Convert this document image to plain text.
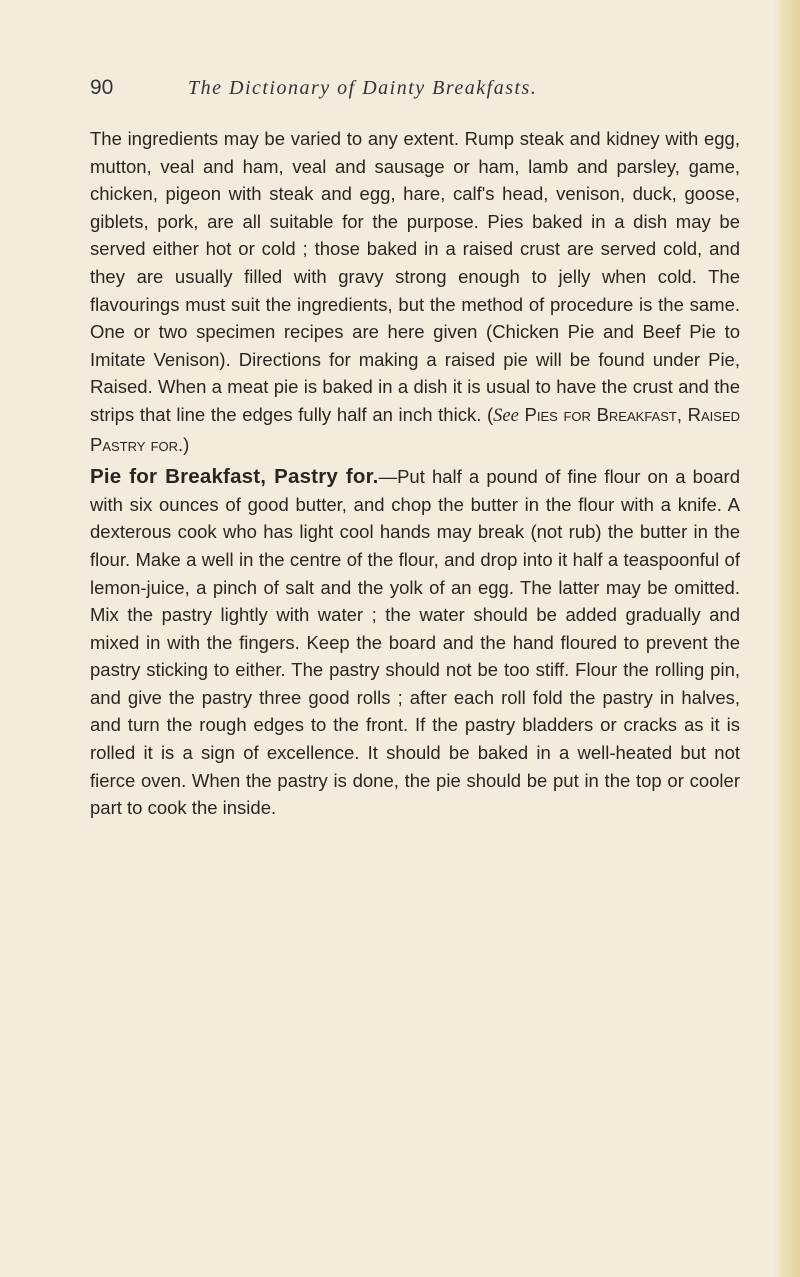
90	The Dictionary of Dainty Breakfasts.

The ingredients may be varied to any extent. Rump steak and kidney with egg, mutton, veal and ham, veal and sausage or ham, lamb and parsley, game, chicken, pigeon with steak and egg, hare, calf's head, venison, duck, goose, giblets, pork, are all suitable for the purpose. Pies baked in a dish may be served either hot or cold ; those baked in a raised crust are served cold, and they are usually filled with gravy strong enough to jelly when cold. The flavourings must suit the ingredients, but the method of procedure is the same. One or two specimen recipes are here given (Chicken Pie and Beef Pie to Imitate Venison). Directions for making a raised pie will be found under Pie, Raised. When a meat pie is baked in a dish it is usual to have the crust and the strips that line the edges fully half an inch thick. (See Pies for Breakfast, Raised Pastry for.)

Pie for Breakfast, Pastry for.—Put half a pound of fine flour on a board with six ounces of good butter, and chop the butter in the flour with a knife. A dexterous cook who has light cool hands may break (not rub) the butter in the flour. Make a well in the centre of the flour, and drop into it half a teaspoonful of lemon-juice, a pinch of salt and the yolk of an egg. The latter may be omitted. Mix the pastry lightly with water ; the water should be added gradually and mixed in with the fingers. Keep the board and the hand floured to prevent the pastry sticking to either. The pastry should not be too stiff. Flour the rolling pin, and give the pastry three good rolls ; after each roll fold the pastry in halves, and turn the rough edges to the front. If the pastry bladders or cracks as it is rolled it is a sign of excellence. It should be baked in a well-heated but not fierce oven. When the pastry is done, the pie should be put in the top or cooler part to cook the inside.
